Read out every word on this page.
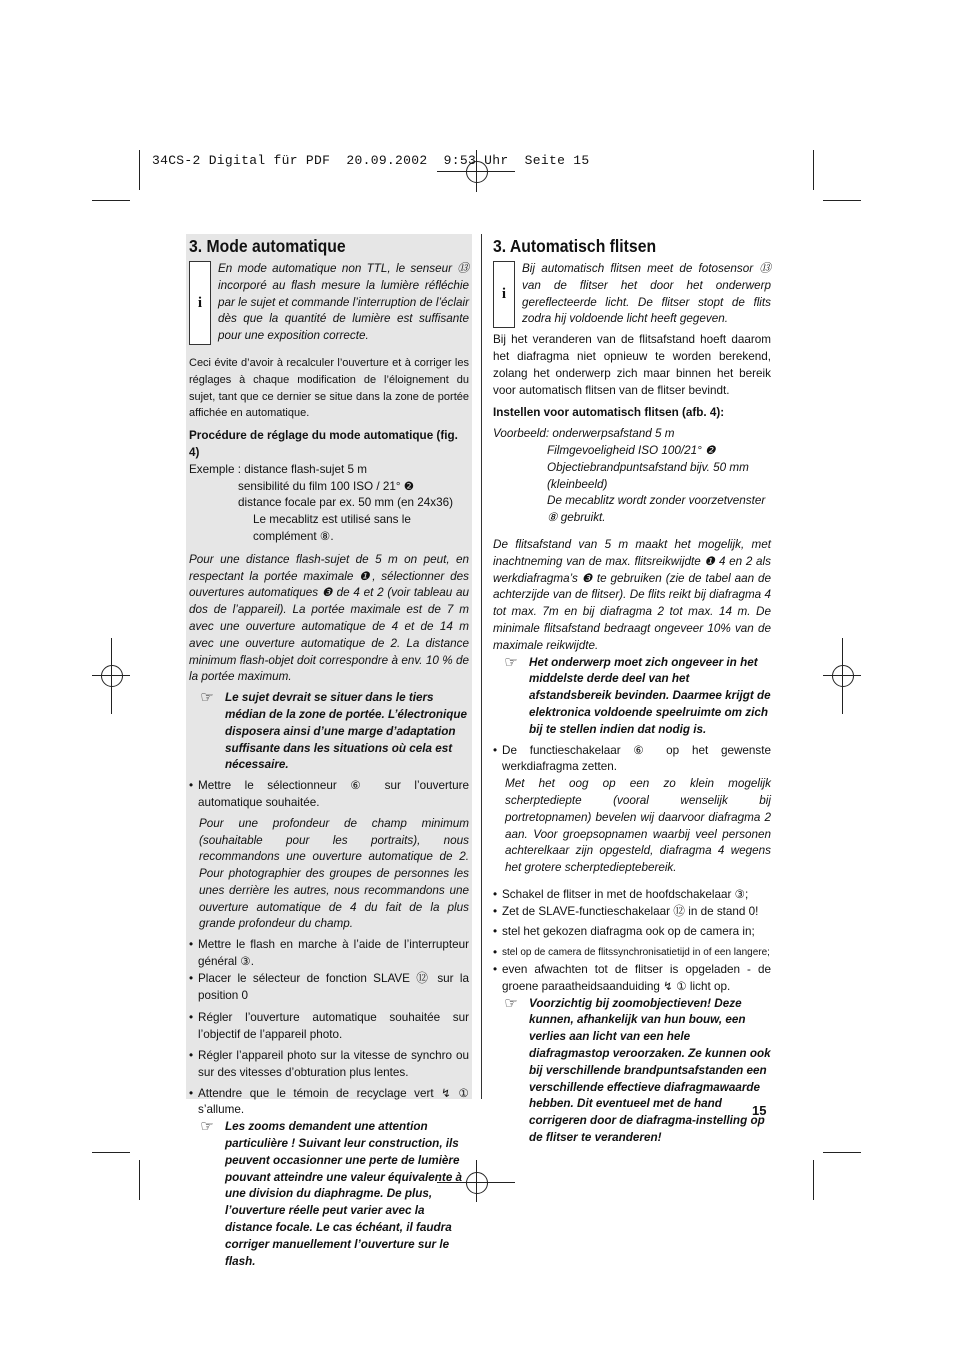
34CS-2 Digital für PDF  20.09.2002  9:53 Uhr  Seite 15
3. Mode automatique
i

En mode automatique non TTL, le senseur ⑬ incorporé au flash mesure la lumière réfléchie par le sujet et commande l’interruption de l’éclair dès que la quantité de lumière est suffisante pour une exposition correcte.

Ceci évite d’avoir à recalculer l’ouverture et à corriger les réglages à chaque modification de l’éloignement du sujet, tant que ce dernier se situe dans la zone de portée affichée en automatique.

Procédure de réglage du mode automatique (fig. 4)

Exemple : distance flash-sujet 5 m

sensibilité du film 100 ISO / 21° ❷

distance focale par ex. 50 mm (en 24x36)

Le mecablitz est utilisé sans le complément ⑧.

Pour une distance flash-sujet de 5 m on peut, en respectant la portée maximale ❶, sélectionner des ouvertures automatiques ❸ de 4 et 2 (voir tableau au dos de l’appareil). La portée maximale est de 7 m avec une ouverture automatique de 4 et de 14 m avec une ouverture automatique de 2. La distance minimum flash-objet doit correspondre à env. 10 % de la portée maximum.

☞ Le sujet devrait se situer dans le tiers médian de la zone de portée. L’électronique disposera ainsi d’une marge d’adaptation suffisante dans les situations où cela est nécessaire.

• Mettre le sélectionneur ⑥ sur l’ouverture automatique souhaitée.

Pour une profondeur de champ minimum (souhaitable pour les portraits), nous recommandons une ouverture automatique de 2. Pour photographier des groupes de personnes les unes derrière les autres, nous recommandons une ouverture automatique de 4 du fait de la plus grande profondeur du champ.

• Mettre le flash en marche à l’aide de l’interrupteur général ③.

• Placer le sélecteur de fonction SLAVE ⑫ sur la position 0

• Régler l’ouverture automatique souhaitée sur l’objectif de l’appareil photo.

• Régler l’appareil photo sur la vitesse de synchro ou sur des vitesses d’obturation plus lentes.

• Attendre que le témoin de recyclage vert ↯ ① s’allume.

☞ Les zooms demandent une attention particulière ! Suivant leur construction, ils peuvent occasionner une perte de lumière pouvant atteindre une valeur équivalente à une division du diaphragme. De plus, l’ouverture réelle peut varier avec la distance focale. Le cas échéant, il faudra corriger manuellement l’ouverture sur le flash.

3. Automatisch flitsen
i

Bij automatisch flitsen meet de fotosensor ⑬ van de flitser het door het onderwerp gereflecteerde licht. De flitser stopt de flits zodra hij voldoende licht heeft gegeven.

Bij het veranderen van de flitsafstand hoeft daarom het diafragma niet opnieuw te worden berekend, zolang het onderwerp zich maar binnen het bereik voor automatisch flitsen van de flitser bevindt.

Instellen voor automatisch flitsen (afb. 4):

Voorbeeld: onderwerpsafstand 5 m

Filmgevoeligheid ISO 100/21° ❷

Objectiebrandpuntsafstand bijv. 50 mm (kleinbeeld)

De mecablitz wordt zonder voorzetvenster ⑧ gebruikt.

De flitsafstand van 5 m maakt het mogelijk, met inachtneming van de max. flitsreikwijdte ❶ 4 en 2 als werkdiafragma’s ❸ te gebruiken (zie de tabel aan de achterzijde van de flitser). De flits reikt bij diafragma 4 tot max. 7m en bij diafragma 2 tot max. 14 m. De minimale flitsafstand bedraagt ongeveer 10% van de maximale reikwijdte.

☞ Het onderwerp moet zich ongeveer in het middelste derde deel van het afstandsbereik bevinden. Daarmee krijgt de elektronica voldoende speelruimte om zich bij te stellen indien dat nodig is.

• De functieschakelaar ⑥ op het gewenste werkdiafragma zetten.

Met het oog op een zo klein mogelijk scherptediepte (vooral wenselijk bij portretopnamen) bevelen wij daarvoor diafragma 2 aan. Voor groepsopnamen waarbij veel personen achterelkaar zijn opgesteld, diafragma 4 wegens het grotere scherptedieptebereik.

• Schakel de flitser in met de hoofdschakelaar ③;

• Zet de SLAVE-functieschakelaar ⑫ in de stand 0!

• stel het gekozen diafragma ook op de camera in;

• stel op de camera de flitssynchronisatietijd in of een langere;

• even afwachten tot de flitser is opgeladen - de groene paraatheidsaanduiding ↯ ① licht op.

☞ Voorzichtig bij zoomobjectieven! Deze kunnen, afhankelijk van hun bouw, een verlies aan licht van een hele diafragmastop veroorzaken. Ze kunnen ook bij verschillende brandpuntsafstanden een verschillende effectieve diafragmawaarde hebben. Dit eventueel met de hand corrigeren door de diafragma-instelling op de flitser te veranderen!

15
